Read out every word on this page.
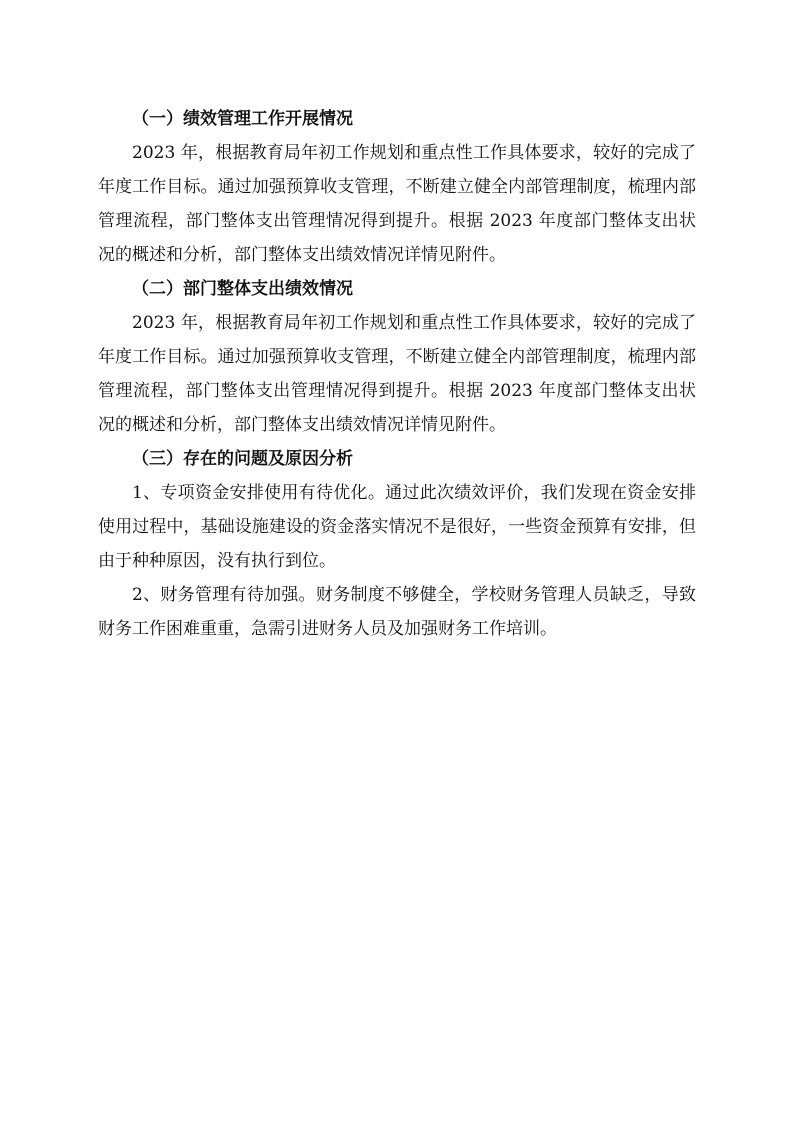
（一）绩效管理工作开展情况

2023 年，根据教育局年初工作规划和重点性工作具体要求，较好的完成了年度工作目标。通过加强预算收支管理，不断建立健全内部管理制度，梳理内部管理流程，部门整体支出管理情况得到提升。根据 2023 年度部门整体支出状况的概述和分析，部门整体支出绩效情况详情见附件。

（二）部门整体支出绩效情况

2023 年，根据教育局年初工作规划和重点性工作具体要求，较好的完成了年度工作目标。通过加强预算收支管理，不断建立健全内部管理制度，梳理内部管理流程，部门整体支出管理情况得到提升。根据 2023 年度部门整体支出状况的概述和分析，部门整体支出绩效情况详情见附件。

（三）存在的问题及原因分析

1、专项资金安排使用有待优化。通过此次绩效评价，我们发现在资金安排使用过程中，基础设施建设的资金落实情况不是很好，一些资金预算有安排，但由于种种原因，没有执行到位。

2、财务管理有待加强。财务制度不够健全，学校财务管理人员缺乏，导致财务工作困难重重，急需引进财务人员及加强财务工作培训。
